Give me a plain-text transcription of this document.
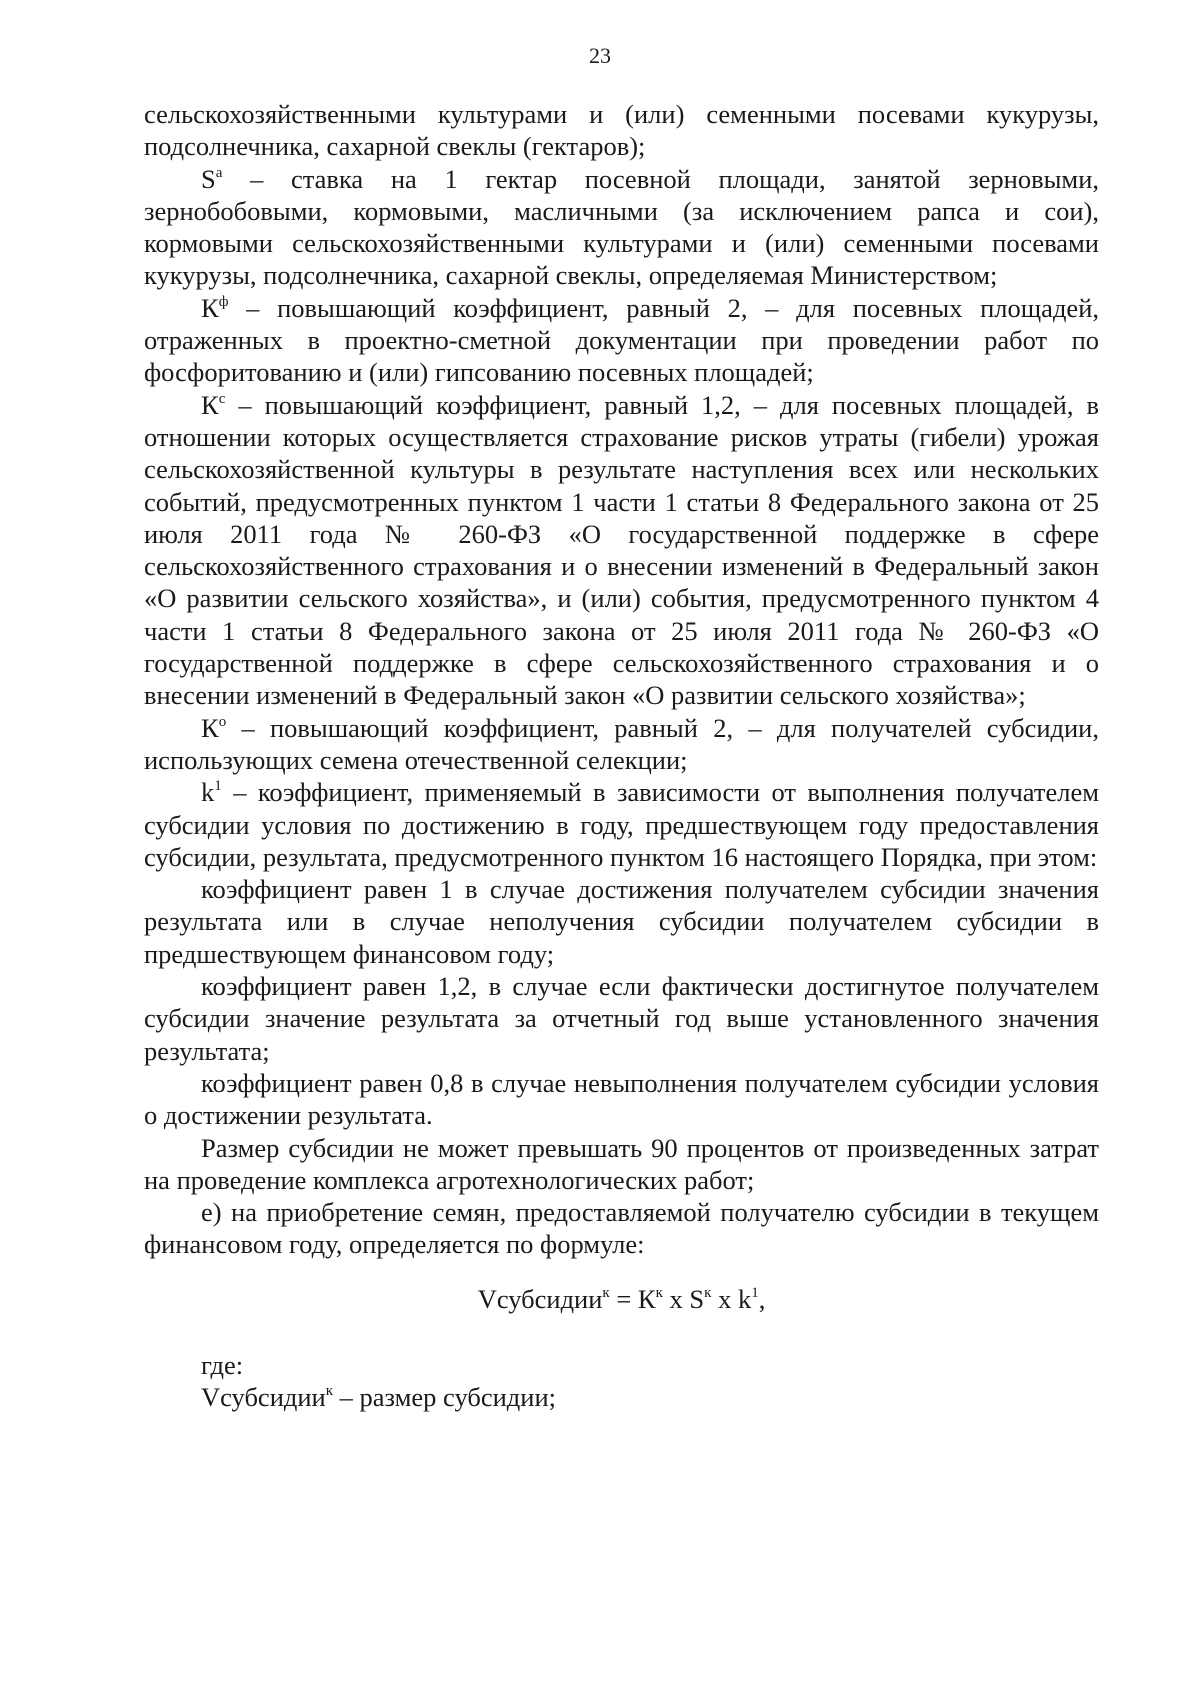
23

сельскохозяйственными культурами и (или) семенными посевами кукурузы, подсолнечника, сахарной свеклы (гектаров);

$S^а$ – ставка на 1 гектар посевной площади, занятой зерновыми, зернобобовыми, кормовыми, масличными (за исключением рапса и сои), кормовыми сельскохозяйственными культурами и (или) семенными посевами кукурузы, подсолнечника, сахарной свеклы, определяемая Министерством;

$К^ф$ – повышающий коэффициент, равный 2, – для посевных площадей, отраженных в проектно-сметной документации при проведении работ по фосфоритованию и (или) гипсованию посевных площадей;

$К^с$ – повышающий коэффициент, равный 1,2, – для посевных площадей, в отношении которых осуществляется страхование рисков утраты (гибели) урожая сельскохозяйственной культуры в результате наступления всех или нескольких событий, предусмотренных пунктом 1 части 1 статьи 8 Федерального закона от 25 июля 2011 года № 260-ФЗ «О государственной поддержке в сфере сельскохозяйственного страхования и о внесении изменений в Федеральный закон «О развитии сельского хозяйства», и (или) события, предусмотренного пунктом 4 части 1 статьи 8 Федерального закона от 25 июля 2011 года № 260-ФЗ «О государственной поддержке в сфере сельскохозяйственного страхования и о внесении изменений в Федеральный закон «О развитии сельского хозяйства»;

$К^о$ – повышающий коэффициент, равный 2, – для получателей субсидии, использующих семена отечественной селекции;

$k^1$ – коэффициент, применяемый в зависимости от выполнения получателем субсидии условия по достижению в году, предшествующем году предоставления субсидии, результата, предусмотренного пунктом 16 настоящего Порядка, при этом:

коэффициент равен 1 в случае достижения получателем субсидии значения результата или в случае неполучения субсидии получателем субсидии в предшествующем финансовом году;

коэффициент равен 1,2, в случае если фактически достигнутое получателем субсидии значение результата за отчетный год выше установленного значения результата;

коэффициент равен 0,8 в случае невыполнения получателем субсидии условия о достижении результата.

Размер субсидии не может превышать 90 процентов от произведенных затрат на проведение комплекса агротехнологических работ;

е) на приобретение семян, предоставляемой получателю субсидии в текущем финансовом году, определяется по формуле:

Vсубсидии$^к$ = $К^к$ х $S^к$ х $k^1$,

где:

Vсубсидии$^к$ – размер субсидии;
